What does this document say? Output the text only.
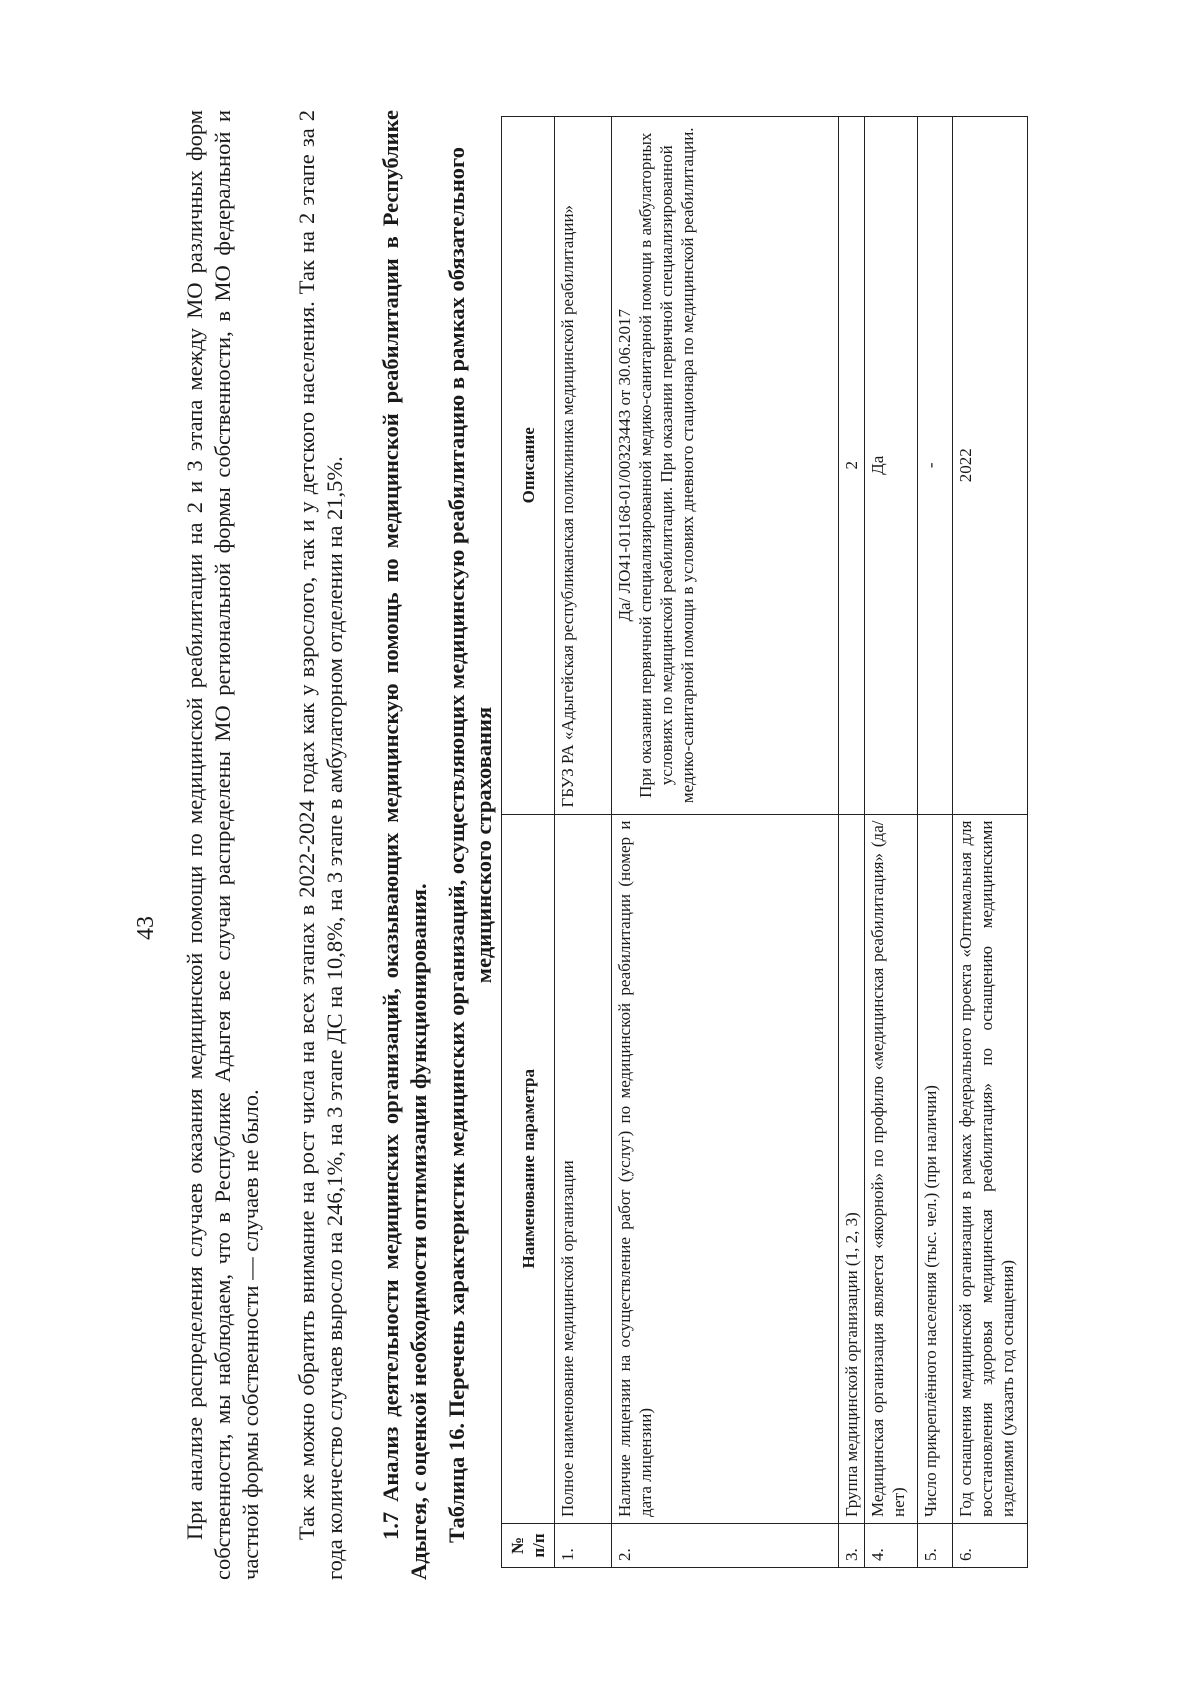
43 При анализе распределения случаев оказания медицинской помощи по медицинской реабилитации на 2 и 3 этапа между МО различных форм собственности, мы наблюдаем, что в Республике Адыгея все случаи распределены МО региональной формы собственности, в МО федеральной и частной формы собственности — случаев не было. Так же можно обратить внимание на рост числа на всех этапах в 2022-2024 годах как у взрослого, так и у детского населения. Так на 2 этапе за 2 года количество случаев выросло на 246,1%, на 3 этапе ДС на 10,8%, на 3 этапе в амбулаторном отделении на 21,5%. 1.7 Анализ деятельности медицинских организаций, оказывающих медицинскую помощь по медицинской реабилитации в Республике Адыгея, с оценкой необходимости оптимизации функционирования. Таблица 16. Перечень характеристик медицинских организаций, осуществляющих медицинскую реабилитацию в рамках обязательного медицинского страхования

№ п/п	Наименование параметра	Описание
1.	Полное наименование медицинской организации	ГБУЗ РА «Адыгейская республиканская поликлиника медицинской реабилитации»
2.	Наличие лицензии на осуществление работ (услуг) по медицинской реабилитации (номер и дата лицензии)	Да/ ЛО41-01168-01/00323443 от 30.06.2017 При оказании первичной специализированной медико-санитарной помощи в амбулаторных условиях по медицинской реабилитации. При оказании первичной специализированной медико-санитарной помощи в условиях дневного стационара по медицинской реабилитации.

3.	Группа медицинской организации (1, 2, 3)	2
4.	Медицинская организация является «якорной» по профилю «медицинская реабилитация» (да/нет)	Да
5.	Число прикреплённого населения (тыс. чел.) (при наличии)	-
6.	Год оснащения медицинской организации в рамках федерального проекта «Оптимальная для восстановления здоровья медицинская реабилитация» по оснащению медицинскими изделиями (указать год оснащения)	2022
